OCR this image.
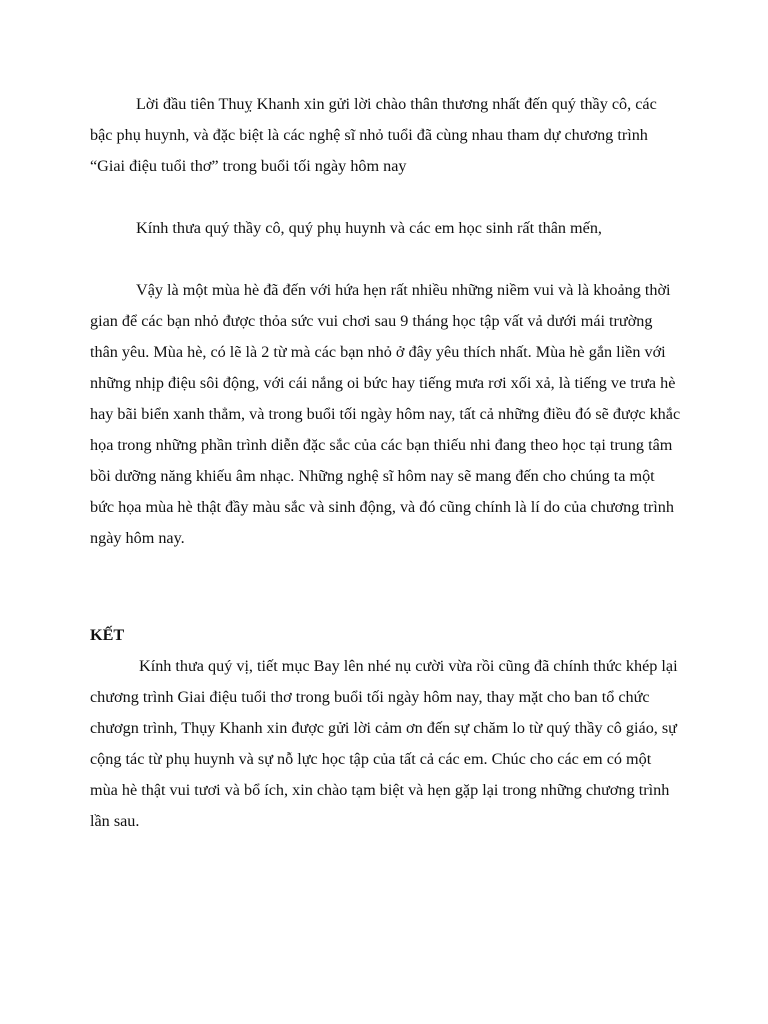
Lời đầu tiên Thuỵ Khanh xin gửi lời chào thân thương nhất đến quý thầy cô, các bậc phụ huynh, và đặc biệt là các nghệ sĩ nhỏ tuổi đã cùng nhau tham dự chương trình “Giai điệu tuổi thơ” trong buổi tối ngày hôm nay

Kính thưa quý thầy cô, quý phụ huynh và các em học sinh rất thân mến,

Vậy là một mùa hè đã đến với hứa hẹn rất nhiều những niềm vui và là khoảng thời gian để các bạn nhỏ được thỏa sức vui chơi sau 9 tháng học tập vất vả dưới mái trường thân yêu. Mùa hè, có lẽ là 2 từ mà các bạn nhỏ ở đây yêu thích nhất. Mùa hè gắn liền với những nhịp điệu sôi động, với cái nắng oi bức hay tiếng mưa rơi xối xả, là tiếng ve trưa hè hay bãi biển xanh thẳm, và trong buổi tối ngày hôm nay, tất cả những điều đó sẽ được khắc họa trong những phần trình diễn đặc sắc của các bạn thiếu nhi đang theo học tại trung tâm bồi dưỡng năng khiếu âm nhạc. Những nghệ sĩ hôm nay sẽ mang đến cho chúng ta một bức họa mùa hè thật đầy màu sắc và sinh động, và đó cũng chính là lí do của chương trình ngày hôm nay.

KẾT

Kính thưa quý vị, tiết mục Bay lên nhé nụ cười vừa rồi cũng đã chính thức khép lại chương trình Giai điệu tuổi thơ trong buổi tối ngày hôm nay, thay mặt cho ban tổ chức chươgn trình, Thụy Khanh xin được gửi lời cảm ơn đến sự chăm lo từ quý thầy cô giáo, sự cộng tác từ phụ huynh và sự nỗ lực học tập của tất cả các em. Chúc cho các em có một mùa hè thật vui tươi và bổ ích, xin chào tạm biệt và hẹn gặp lại trong những chương trình lần sau.
